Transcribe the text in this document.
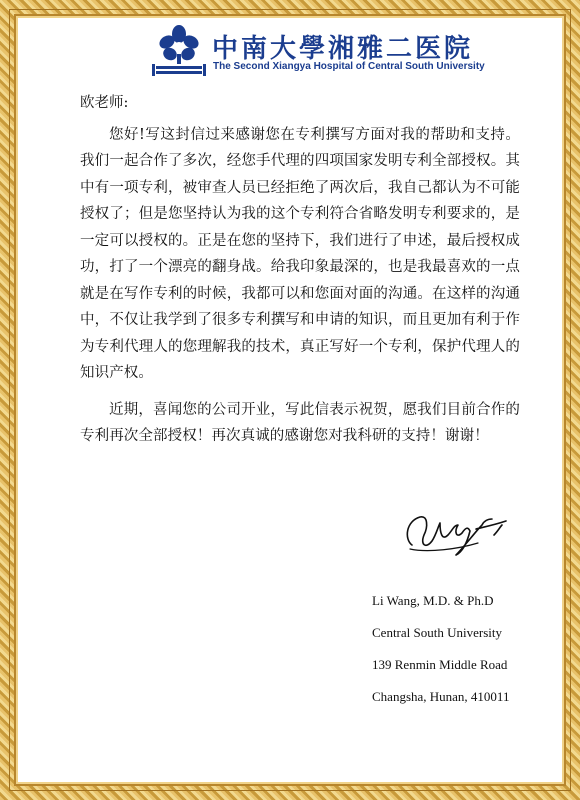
中南大學湘雅二医院
The Second Xiangya Hospital of Central South University
欧老师:

您好!写这封信过来感谢您在专利撰写方面对我的帮助和支持。我们一起合作了多次，经您手代理的四项国家发明专利全部授权。其中有一项专利，被审查人员已经拒绝了两次后，我自己都认为不可能授权了；但是您坚持认为我的这个专利符合省略发明专利要求的，是一定可以授权的。正是在您的坚持下，我们进行了申述，最后授权成功，打了一个漂亮的翻身战。给我印象最深的，也是我最喜欢的一点就是在写作专利的时候，我都可以和您面对面的沟通。在这样的沟通中，不仅让我学到了很多专利撰写和申请的知识，而且更加有利于作为专利代理人的您理解我的技术，真正写好一个专利，保护代理人的知识产权。

近期，喜闻您的公司开业，写此信表示祝贺，愿我们目前合作的专利再次全部授权！再次真诚的感谢您对我科研的支持！谢谢！

Li Wang, M.D. & Ph.D
Central South University
139 Renmin Middle Road
Changsha, Hunan, 410011
